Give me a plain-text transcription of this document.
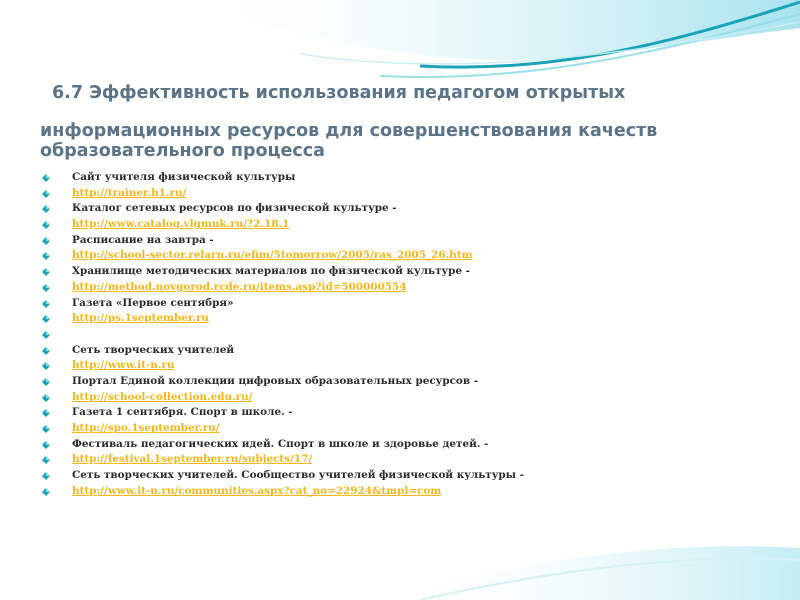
6.7 Эффективность использования педагогом открытых
информационных ресурсов для совершенствования качеств
образовательного процесса
Сайт учителя физической культуры
http://trainer.h1.ru/
Каталог сетевых ресурсов по физической культуре -
http://www.catalog.vlgmuk.ru/?2.18.1
Расписание на завтра -
http://school-sector.relarn.ru/efim/5tomorrow/2005/ras_2005_26.htm
Хранилище методических материалов по физической культуре -
http://method.novgorod.rcde.ru/items.asp?id=500000554
Газета «Первое сентября»
http://ps.1september.ru
Сеть творческих учителей
http://www.it-n.ru
Портал Единой коллекции цифровых образовательных ресурсов -
http://school-collection.edu.ru/
Газета 1 сентября. Спорт в школе. -
http://spo.1september.ru/
Фестиваль педагогических идей. Спорт в школе и здоровье детей. -
http://festival.1september.ru/subjects/17/
Сеть творческих учителей. Сообщество учителей физической культуры -
http://www.it-n.ru/communities.aspx?cat_no=22924&tmpl=com
